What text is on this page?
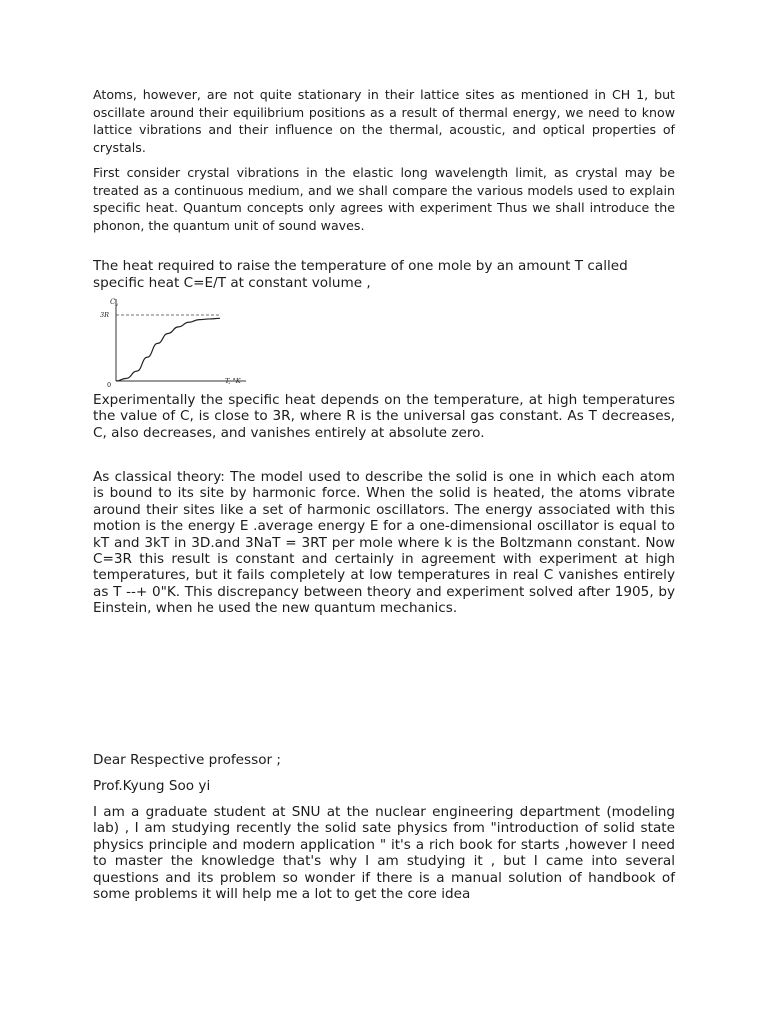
Atoms, however, are not quite stationary in their lattice sites as mentioned in CH 1, but oscillate around their equilibrium positions as a result of thermal energy, we need to know lattice vibrations and their influence on the thermal, acoustic, and optical properties of crystals.

First consider crystal vibrations in the elastic long wavelength limit, as crystal may be treated as a continuous medium, and we shall compare the various models used to explain specific heat. Quantum concepts only agrees with experiment Thus we shall introduce the phonon, the quantum unit of sound waves.

The heat required to raise the temperature of one mole by an amount T called specific heat C=E/T at constant volume ,

$C_v$
3R
0	T, °K

Experimentally the specific heat depends on the temperature, at high temperatures the value of C, is close to 3R, where R is the universal gas constant. As T decreases, C, also decreases, and vanishes entirely at absolute zero.

As classical theory: The model used to describe the solid is one in which each atom is bound to its site by harmonic force. When the solid is heated, the atoms vibrate around their sites like a set of harmonic oscillators. The energy associated with this motion is the energy E .average energy E for a one-dimensional oscillator is equal to kT and 3kT in 3D.and 3NaT = 3RT per mole where k is the Boltzmann constant. Now C=3R this result is constant and certainly in agreement with experiment at high temperatures, but it fails completely at low temperatures in real C vanishes entirely as T --+ 0"K. This discrepancy between theory and experiment solved after 1905, by Einstein, when he used the new quantum mechanics.

Dear Respective professor ;

Prof.Kyung Soo yi

I am a graduate student at SNU at the nuclear engineering department (modeling lab) , I am studying recently the solid sate physics from "introduction of solid state physics principle and modern application " it's a rich book for starts ,however I need to master the knowledge that's why I am studying it , but I came into several questions and its problem so wonder if there is a manual solution of handbook of some problems it will help me a lot to get the core idea
